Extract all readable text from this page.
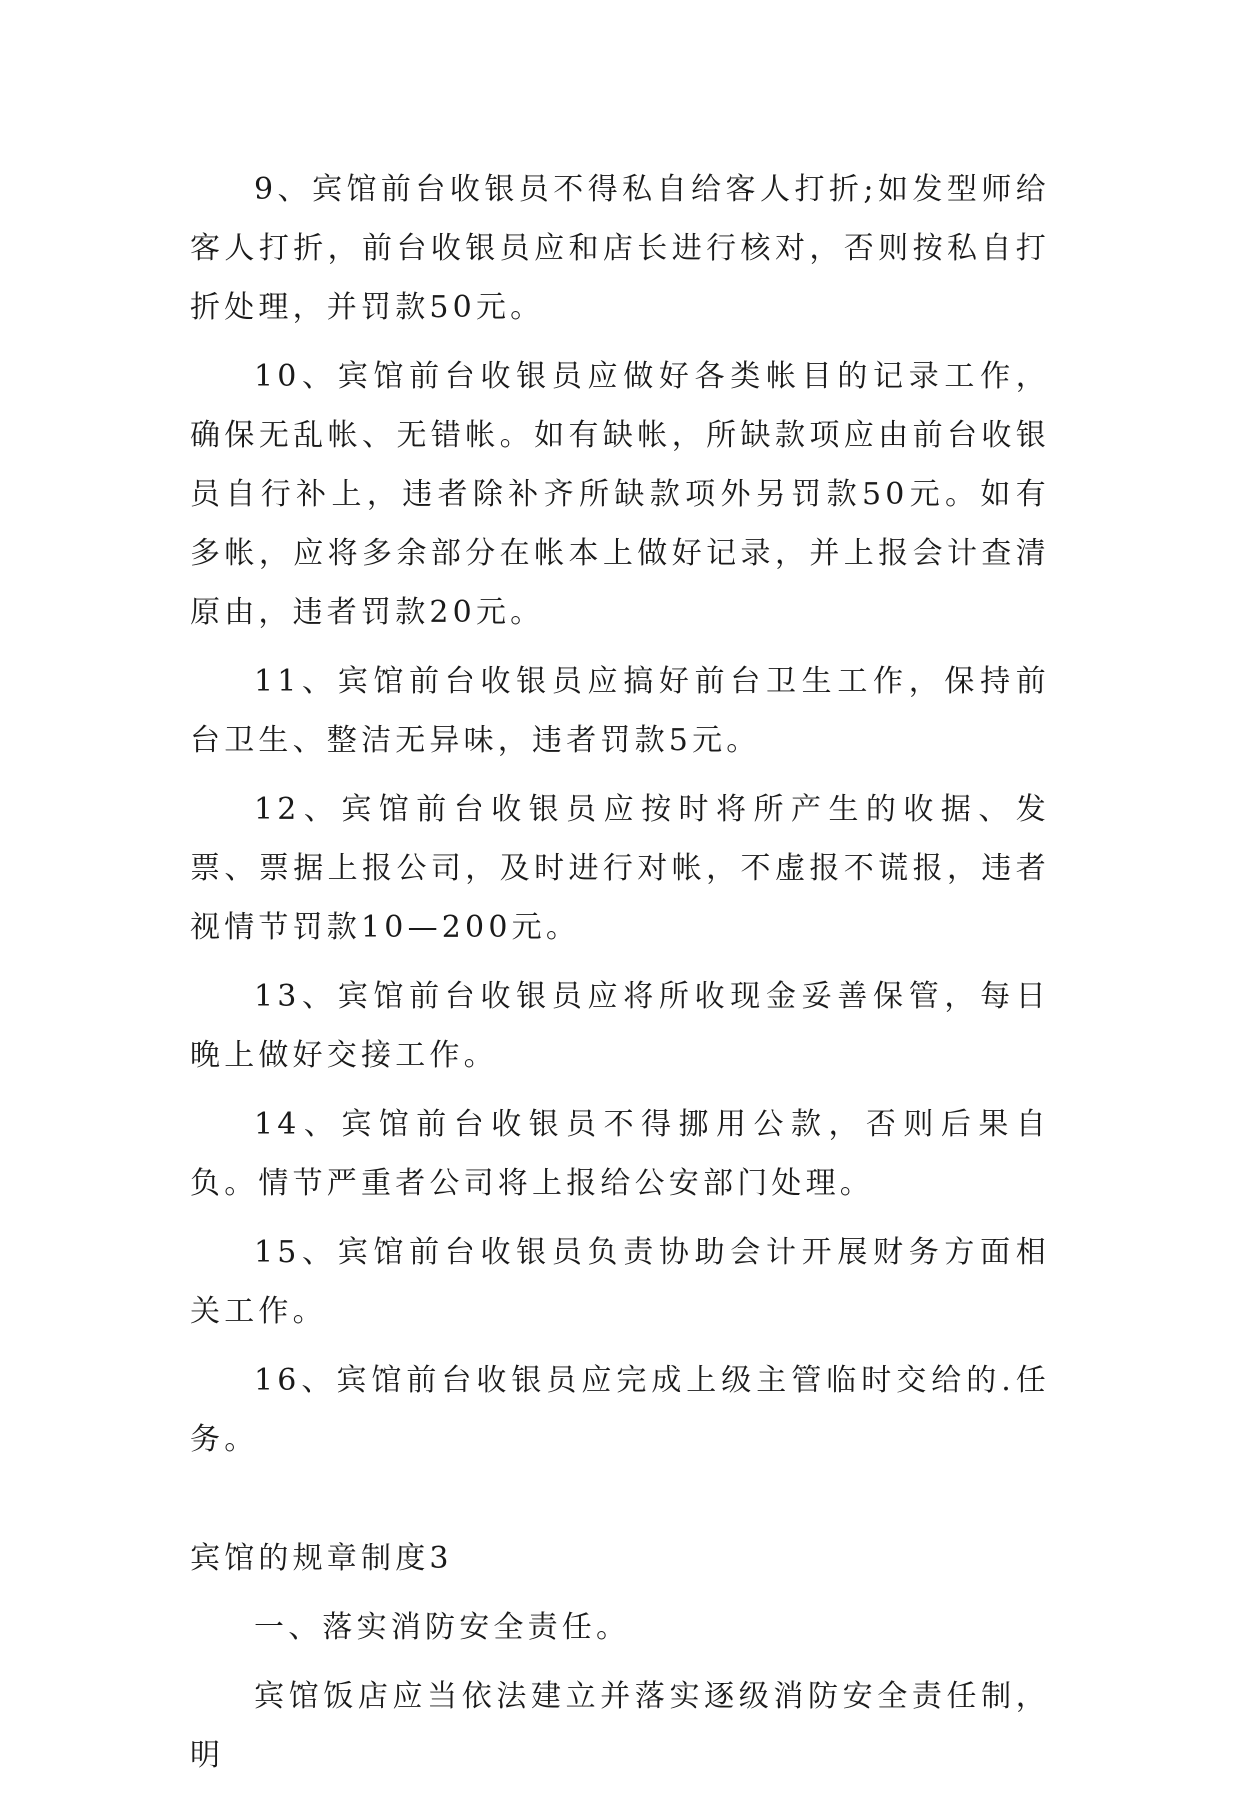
9、宾馆前台收银员不得私自给客人打折;如发型师给客人打折，前台收银员应和店长进行核对，否则按私自打折处理，并罚款50元。

10、宾馆前台收银员应做好各类帐目的记录工作，确保无乱帐、无错帐。如有缺帐，所缺款项应由前台收银员自行补上，违者除补齐所缺款项外另罚款50元。如有多帐，应将多余部分在帐本上做好记录，并上报会计查清原由，违者罚款20元。

11、宾馆前台收银员应搞好前台卫生工作，保持前台卫生、整洁无异味，违者罚款5元。

12、宾馆前台收银员应按时将所产生的收据、发票、票据上报公司，及时进行对帐，不虚报不谎报，违者视情节罚款10—200元。

13、宾馆前台收银员应将所收现金妥善保管，每日晚上做好交接工作。

14、宾馆前台收银员不得挪用公款，否则后果自负。情节严重者公司将上报给公安部门处理。

15、宾馆前台收银员负责协助会计开展财务方面相关工作。

16、宾馆前台收银员应完成上级主管临时交给的.任务。

宾馆的规章制度3

一、落实消防安全责任。

宾馆饭店应当依法建立并落实逐级消防安全责任制，明
